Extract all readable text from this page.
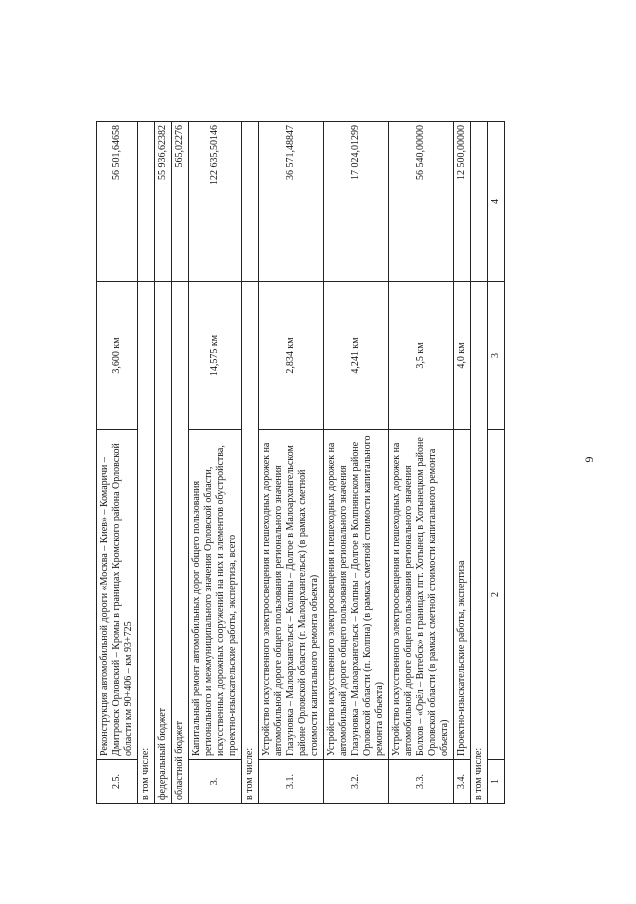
6
2.5.	Реконструкция автомобильной дороги «Москва – Киев» – Комаричи – Дмитровск Орловский – Кромы в границах Кромского района Орловской области км 90+406 – км 93+725	3,600 км	56 501,64658
в том числе:			
федеральный бюджет			55 936,62382
областной бюджет			565,02276
3.	Капитальный ремонт автомобильных дорог общего пользования регионального и межмуниципального значения Орловской области, искусственных дорожных сооружений на них и элементов обустройства, проектно-изыскательские работы, экспертиза, всего	14,575 км	122 635,50146
в том числе:			
3.1.	Устройство искусственного электроосвещения и пешеходных дорожек на автомобильной дороге общего пользования регионального значения Глазуновка – Малоархангельск – Колпны – Долгое в Малоархангельском районе Орловской области (г. Малоархангельск) (в рамках сметной стоимости капитального ремонта объекта)	2,834 км	36 571,48847
3.2.	Устройство искусственного электроосвещения и пешеходных дорожек на автомобильной дороге общего пользования регионального значения Глазуновка – Малоархангельск – Колпны – Долгое в Колпнянском районе Орловской области (п. Колпна) (в рамках сметной стоимости капитального ремонта объекта)	4,241 км	17 024,01299
3.3.	Устройство искусственного электроосвещения и пешеходных дорожек на автомобильной дороге общего пользования регионального значения Болхов – «Орёл – Витебск» в границах пгт. Хотынец в Хотынецком районе Орловской области (в рамках сметной стоимости капитального ремонта объекта)	3,5 км	56 540,00000
3.4.	Проектно-изыскательские работы, экспертиза	4,0 км	12 500,00000
в том числе:			
1	2	3	4
